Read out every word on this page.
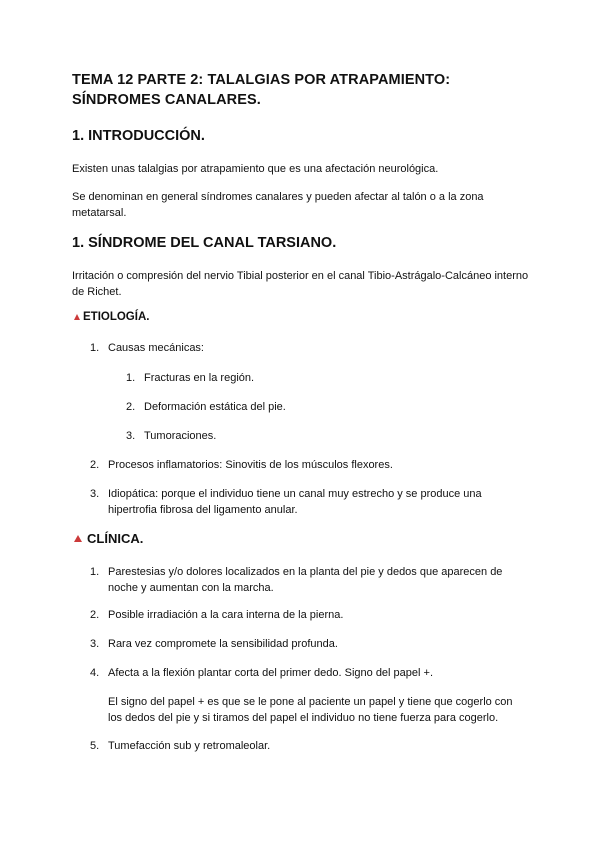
TEMA 12 PARTE 2: TALALGIAS POR ATRAPAMIENTO: SÍNDROMES CANALARES.
1. INTRODUCCIÓN.
Existen unas talalgias por atrapamiento que es una afectación neurológica.
Se denominan en general síndromes canalares y pueden afectar al talón o a la zona metatarsal.
1. SÍNDROME DEL CANAL TARSIANO.
Irritación o compresión del nervio Tibial posterior en el canal Tibio-Astrágalo-Calcáneo interno de Richet.
ETIOLOGÍA.
1. Causas mecánicas:
1. Fracturas en la región.
2. Deformación estática del pie.
3. Tumoraciones.
2. Procesos inflamatorios: Sinovitis de los músculos flexores.
3. Idiopática: porque el individuo tiene un canal muy estrecho y se produce una hipertrofia fibrosa del ligamento anular.
CLÍNICA.
1. Parestesias y/o dolores localizados en la planta del pie y dedos que aparecen de noche y aumentan con la marcha.
2. Posible irradiación a la cara interna de la pierna.
3. Rara vez compromete la sensibilidad profunda.
4. Afecta a la flexión plantar corta del primer dedo. Signo del papel +.
El signo del papel + es que se le pone al paciente un papel y tiene que cogerlo con los dedos del pie y si tiramos del papel el individuo no tiene fuerza para cogerlo.
5. Tumefacción sub y retromaleolar.
